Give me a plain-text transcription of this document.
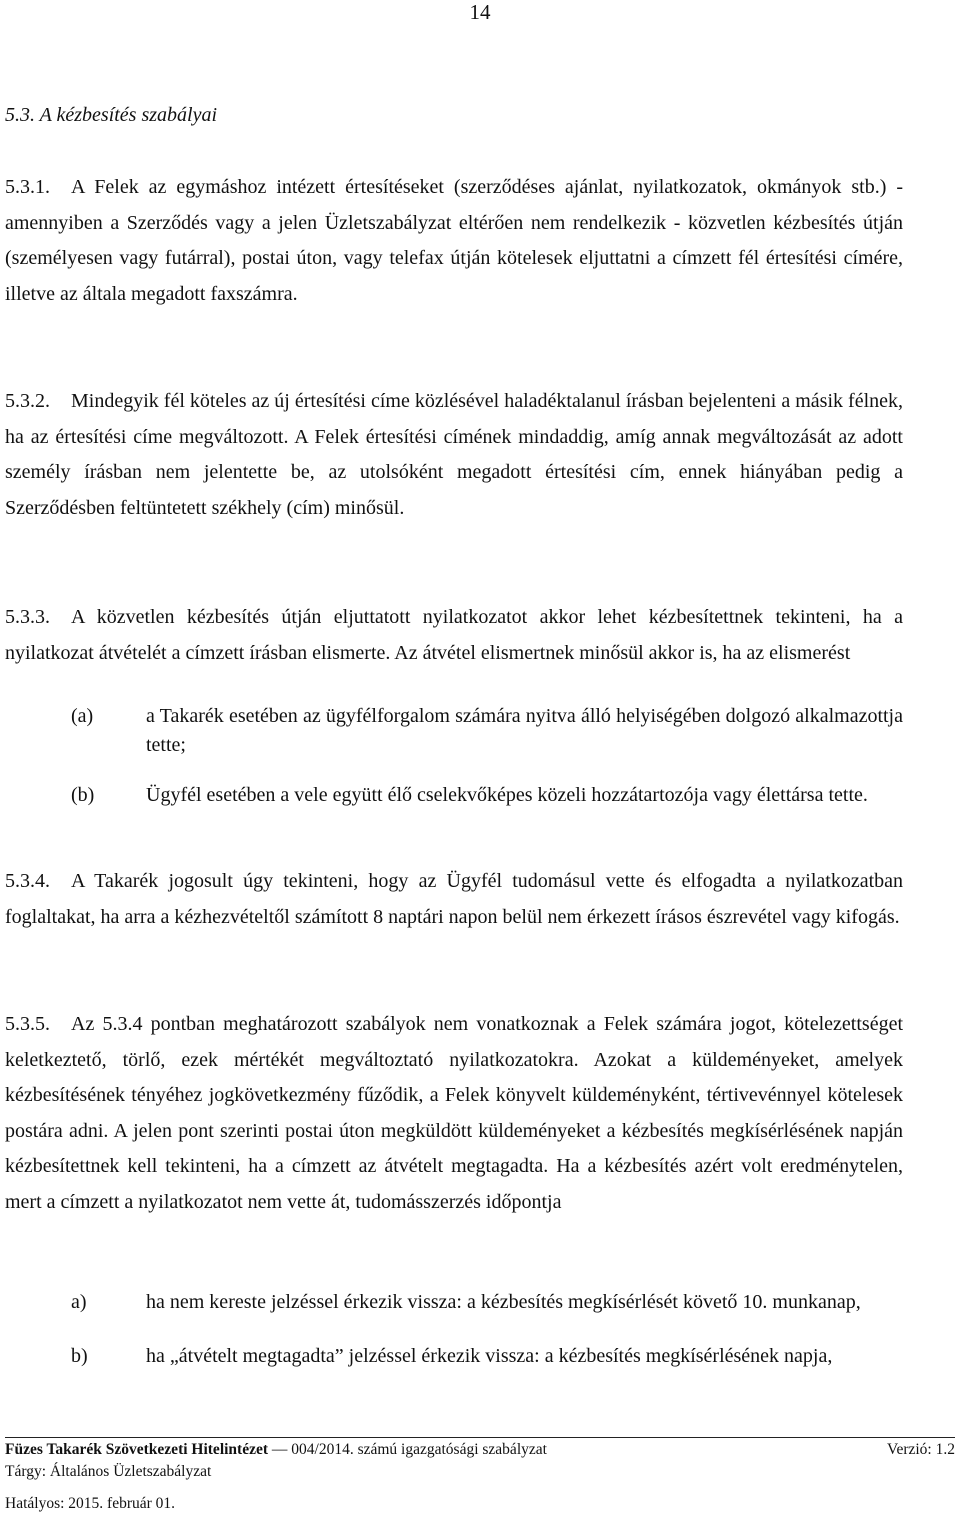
14
5.3. A kézbesítés szabályai

5.3.1. A Felek az egymáshoz intézett értesítéseket (szerződéses ajánlat, nyilatkozatok, okmányok stb.) - amennyiben a Szerződés vagy a jelen Üzletszabályzat eltérően nem rendelkezik - közvetlen kézbesítés útján (személyesen vagy futárral), postai úton, vagy telefax útján kötelesek eljuttatni a címzett fél értesítési címére, illetve az általa megadott faxszámra.

5.3.2. Mindegyik fél köteles az új értesítési címe közlésével haladéktalanul írásban bejelenteni a másik félnek, ha az értesítési címe megváltozott. A Felek értesítési címének mindaddig, amíg annak megváltozását az adott személy írásban nem jelentette be, az utolsóként megadott értesítési cím, ennek hiányában pedig a Szerződésben feltüntetett székhely (cím) minősül.

5.3.3. A közvetlen kézbesítés útján eljuttatott nyilatkozatot akkor lehet kézbesítettnek tekinteni, ha a nyilatkozat átvételét a címzett írásban elismerte. Az átvétel elismertnek minősül akkor is, ha az elismerést

(a)	a Takarék esetében az ügyfélforgalom számára nyitva álló helyiségében dolgozó alkalmazottja tette;
(b)	Ügyfél esetében a vele együtt élő cselekvőképes közeli hozzátartozója vagy élettársa tette.

5.3.4. A Takarék jogosult úgy tekinteni, hogy az Ügyfél tudomásul vette és elfogadta a nyilatkozatban foglaltakat, ha arra a kézhezvételtől számított 8 naptári napon belül nem érkezett írásos észrevétel vagy kifogás.

5.3.5. Az 5.3.4 pontban meghatározott szabályok nem vonatkoznak a Felek számára jogot, kötelezettséget keletkeztető, törlő, ezek mértékét megváltoztató nyilatkozatokra. Azokat a küldeményeket, amelyek kézbesítésének tényéhez jogkövetkezmény fűződik, a Felek könyvelt küldeményként, tértivevénnyel kötelesek postára adni. A jelen pont szerinti postai úton megküldött küldeményeket a kézbesítés megkísérlésének napján kézbesítettnek kell tekinteni, ha a címzett az átvételt megtagadta. Ha a kézbesítés azért volt eredménytelen, mert a címzett a nyilatkozatot nem vette át, tudomásszerzés időpontja

a)	ha nem kereste jelzéssel érkezik vissza: a kézbesítés megkísérlését követő 10. munkanap,
b)	ha „átvételt megtagadta” jelzéssel érkezik vissza: a kézbesítés megkísérlésének napja,
Füzes Takarék Szövetkezeti Hitelintézet — 004/2014. számú igazgatósági szabályzat	Verzió: 1.2
Tárgy: Általános Üzletszabályzat
Hatályos: 2015. február 01.
